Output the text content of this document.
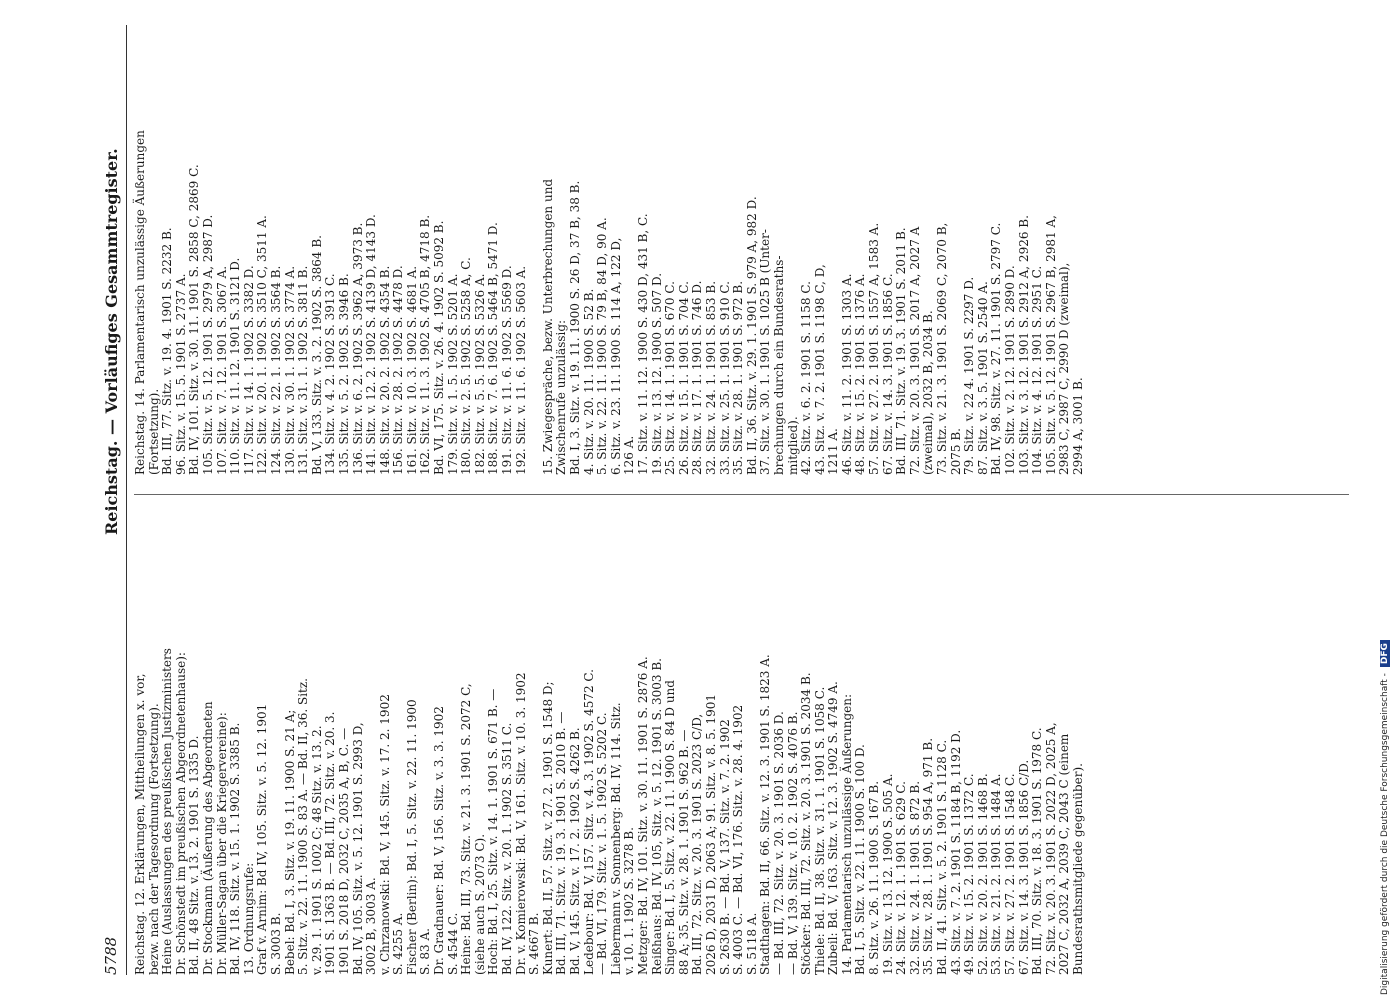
5788
Reichstag. — Vorläufiges Gesammtregister.
Reichstag. 12. Erklärungen, Mittheilungen x. vor, bezw. nach der Tagesordnung (Fortsetzung). Heine (Auslassungen des preußischen Justizministers Dr. Schönstedt im preußischen Abgeordnetenhause): Bd. II, 48 Sitz. v. 13. 2. 1901 S. 1335 D. Dr. Stockmann (Äußerung des Abgeordneten Dr. Müller-Sagan über die Kriegervereine): Bd. IV, 118. Sitz. v. 15. 1. 1902 S. 3385 B. 13. Ordnungsrufe: Graf v. Arnim: Bd IV, 105. Sitz. v. 5. 12. 1901 S. 3003 B. Bebel: Bd. I, 3. Sitz. v. 19. 11. 1900 S. 21 A; 5. Sitz. v. 22. 11. 1900 S. 83 A. — Bd. II, 36. Sitz. v. 29. 1. 1901 S. 1002 C; 48 Sitz. v. 13. 2. 1901 S. 1363 B. — Bd. III, 72. Sitz. v. 20. 3. 1901 S. 2018 D, 2032 C, 2035 A, B, C. — Bd. IV, 105. Sitz. v. 5. 12. 1901 S. 2993 D, 3002 B, 3003 A. v. Chrzanowski: Bd. V, 145. Sitz. v. 17. 2. 1902 S. 4255 A. Fischer (Berlin): Bd. I, 5. Sitz. v. 22. 11. 1900 S. 83 A. Dr. Gradnauer: Bd. V, 156. Sitz. v. 3. 3. 1902 S. 4544 C. Heine: Bd. III, 73. Sitz. v. 21. 3. 1901 S. 2072 C, (siehe auch S. 2073 C). Hoch: Bd. I, 25. Sitz. v. 14. 1. 1901 S. 671 B. — Bd. IV, 122. Sitz. v. 20. 1. 1902 S. 3511 C. Dr. v. Komierowski: Bd. V, 161. Sitz. v. 10. 3. 1902 S. 4667 B. Kunert: Bd. II, 57. Sitz. v. 27. 2. 1901 S. 1548 D; Bd. III, 71. Sitz. v. 19. 3. 1901 S. 2010 B. — Bd. V, 145. Sitz. v. 17. 2. 1902 S. 4262 B. Ledebour: Bd. V, 157. Sitz. v. 4. 3. 1902 S. 4572 C. — Bd. VI, 179. Sitz. v. 1. 5. 1902 S. 5202 C. Liebermann v. Sonnenberg: Bd. IV, 114. Sitz. v. 10. 1. 1902 S. 3278 B. Metzger: Bd. IV, 101. Sitz. v. 30. 11. 1901 S. 2876 A. Reißhaus: Bd. IV, 105, Sitz. v. 5. 12. 1901 S. 3003 B. Singer: Bd. I, 5. Sitz. v. 22. 11. 1900 S. 84 D und 88 A; 35. Sitz. v. 28. 1. 1901 S. 962 B. — Bd. III, 72. Sitz. v. 20. 3. 1901 S. 2023 C/D, 2026 D, 2031 D, 2063 A; 91. Sitz. v. 8. 5. 1901 S. 2630 B. — Bd. V, 137. Sitz. v. 7. 2. 1902 S. 4003 C. — Bd. VI, 176. Sitz. v. 28. 4. 1902 S. 5118 A. Stadthagen: Bd. II, 66. Sitz. v. 12. 3. 1901 S. 1823 A. — Bd. III, 72. Sitz. v. 20. 3. 1901 S. 2036 D. — Bd. V, 139. Sitz. v. 10. 2. 1902 S. 4076 B. Stöcker: Bd. III, 72. Sitz. v. 20. 3. 1901 S. 2034 B. Thiele: Bd. II, 38. Sitz. v. 31. 1. 1901 S. 1058 C. Zubeil: Bd. V, 163. Sitz. v. 12. 3. 1902 S. 4749 A. 14. Parlamentarisch unzulässige Äußerungen: Bd. I, 5. Sitz. v. 22. 11. 1900 S. 100 D. 8. Sitz. v. 26. 11. 1900 S. 167 B. 19. Sitz. v. 13. 12. 1900 S. 505 A. 24. Sitz. v. 12. 1. 1901 S. 629 C. 32. Sitz. v. 24. 1. 1901 S. 872 B. 35. Sitz. v. 28. 1. 1901 S. 954 A, 971 B. Bd. II, 41. Sitz. v. 5. 2. 1901 S. 1128 C. 43. Sitz. v. 7. 2. 1901 S. 1184 B, 1192 D. 49. Sitz. v. 15. 2. 1901 S. 1372 C. 52. Sitz. v. 20. 2. 1901 S. 1468 B. 53. Sitz. v. 21. 2. 1901 S. 1484 A. 57. Sitz. v. 27. 2. 1901 S. 1548 C. 67. Sitz. v. 14. 3. 1901 S. 1856 C/D. Bd. III, 70. Sitz. v. 18. 3. 1901 S. 1978 C. 72. Sitz. v. 20. 3. 1901 S. 2022 D, 2025 A, 2027 C, 2032 A, 2039 C, 2043 C (einem Bundesrathsmitgliede gegenüber).
Reichstag. 14. Parlamentarisch unzulässige Äußerungen (Fortsetzung). Bd. III, 77. Sitz. v. 19. 4. 1901 S. 2232 B. 96. Sitz. v. 15. 5. 1901 S. 2737 A. Bd. IV, 101. Sitz. v. 30. 11. 1901 S. 2858 C, 2869 C. 105. Sitz. v. 5. 12. 1901 S. 2979 A, 2987 D. 107. Sitz. v. 7. 12. 1901 S. 3067 A. 110. Sitz. v. 11. 12. 1901 S. 3121 D. 117. Sitz. v. 14. 1. 1902 S. 3382 D. 122. Sitz. v. 20. 1. 1902 S. 3510 C, 3511 A. 124. Sitz. v. 22. 1. 1902 S. 3564 B. 130. Sitz. v. 30. 1. 1902 S. 3774 A. 131. Sitz. v. 31. 1. 1902 S. 3811 B. Bd. V, 133. Sitz. v. 3. 2. 1902 S. 3864 B. 134. Sitz. v. 4. 2. 1902 S. 3913 C. 135. Sitz. v. 5. 2. 1902 S. 3946 B. 136. Sitz. v. 6. 2. 1902 S. 3962 A, 3973 B. 141. Sitz. v. 12. 2. 1902 S. 4139 D, 4143 D. 148. Sitz. v. 20. 2. 1902 S. 4354 B. 156. Sitz. v. 28. 2. 1902 S. 4478 D. 161. Sitz. v. 10. 3. 1902 S. 4681 A. 162. Sitz. v. 11. 3. 1902 S. 4705 B, 4718 B. Bd. VI, 175. Sitz. v. 26. 4. 1902 S. 5092 B. 179. Sitz. v. 1. 5. 1902 S. 5201 A. 180. Sitz. v. 2. 5. 1902 S. 5258 A, C. 182. Sitz. v. 5. 5. 1902 S. 5326 A. 188. Sitz. v. 7. 6. 1902 S. 5464 B, 5471 D. 191. Sitz. v. 11. 6. 1902 S. 5569 D. 192. Sitz. v. 11. 6. 1902 S. 5603 A.
15. Zwiegespräche, bezw. Unterbrechungen und Zwischenrufe unzulässig: Bd. I, 3. Sitz. v. 19. 11. 1900 S. 26 D, 37 B, 38 B. 4. Sitz. v. 20. 11. 1900 S. 52 B. 5. Sitz. v. 22. 11. 1900 S. 79 B, 84 D, 90 A. 6. Sitz. v. 23. 11. 1900 S. 114 A, 122 D, 126 A. 17. Sitz. v. 11. 12. 1900 S. 430 D, 431 B, C. 19. Sitz. v. 13. 12. 1900 S. 507 D. 25. Sitz. v. 14. 1. 1901 S. 670 C. 26. Sitz. v. 15. 1. 1901 S. 704 C. 28. Sitz. v. 17. 1. 1901 S. 746 D. 32. Sitz. v. 24. 1. 1901 S. 853 B. 33. Sitz. v. 25. 1. 1901 S. 910 C. 35. Sitz. v. 28. 1. 1901 S. 972 B. Bd. II, 36. Sitz. v. 29. 1. 1901 S. 979 A, 982 D. 37. Sitz. v. 30. 1. 1901 S. 1025 B (Unter- brechungen durch ein Bundesraths- mitglied). 42. Sitz. v. 6. 2. 1901 S. 1158 C. 43. Sitz. v. 7. 2. 1901 S. 1198 C, D, 1211 A. 46. Sitz. v. 11. 2. 1901 S. 1303 A. 48. Sitz. v. 15. 2. 1901 S. 1376 A. 57. Sitz. v. 27. 2. 1901 S. 1557 A, 1583 A. 67. Sitz. v. 14. 3. 1901 S. 1856 C. Bd. III, 71. Sitz. v. 19. 3. 1901 S. 2011 B. 72. Sitz. v. 20. 3. 1901 S. 2017 A, 2027 A (zweimal), 2032 B, 2034 B. 73. Sitz. v. 21. 3. 1901 S. 2069 C, 2070 B, 2075 B. 79. Sitz. v. 22 4. 1901 S. 2297 D. 87. Sitz. v. 3. 5. 1901 S. 2540 A. Bd. IV, 98. Sitz. v. 27. 11. 1901 S. 2797 C. 102. Sitz. v. 2. 12. 1901 S. 2890 D. 103. Sitz. v. 3. 12. 1901 S. 2912 A, 2926 B. 104. Sitz. v. 4. 12. 1901 S. 2951 C. 105. Sitz. v. 5. 12. 1901 S. 2967 B, 2981 A, 2983 C, 2987 C, 2990 D (zweimal), 2994 A, 3001 B.
Digitalisierung gefördert durch die Deutsche Forschungsgemeinschaft -DFG
